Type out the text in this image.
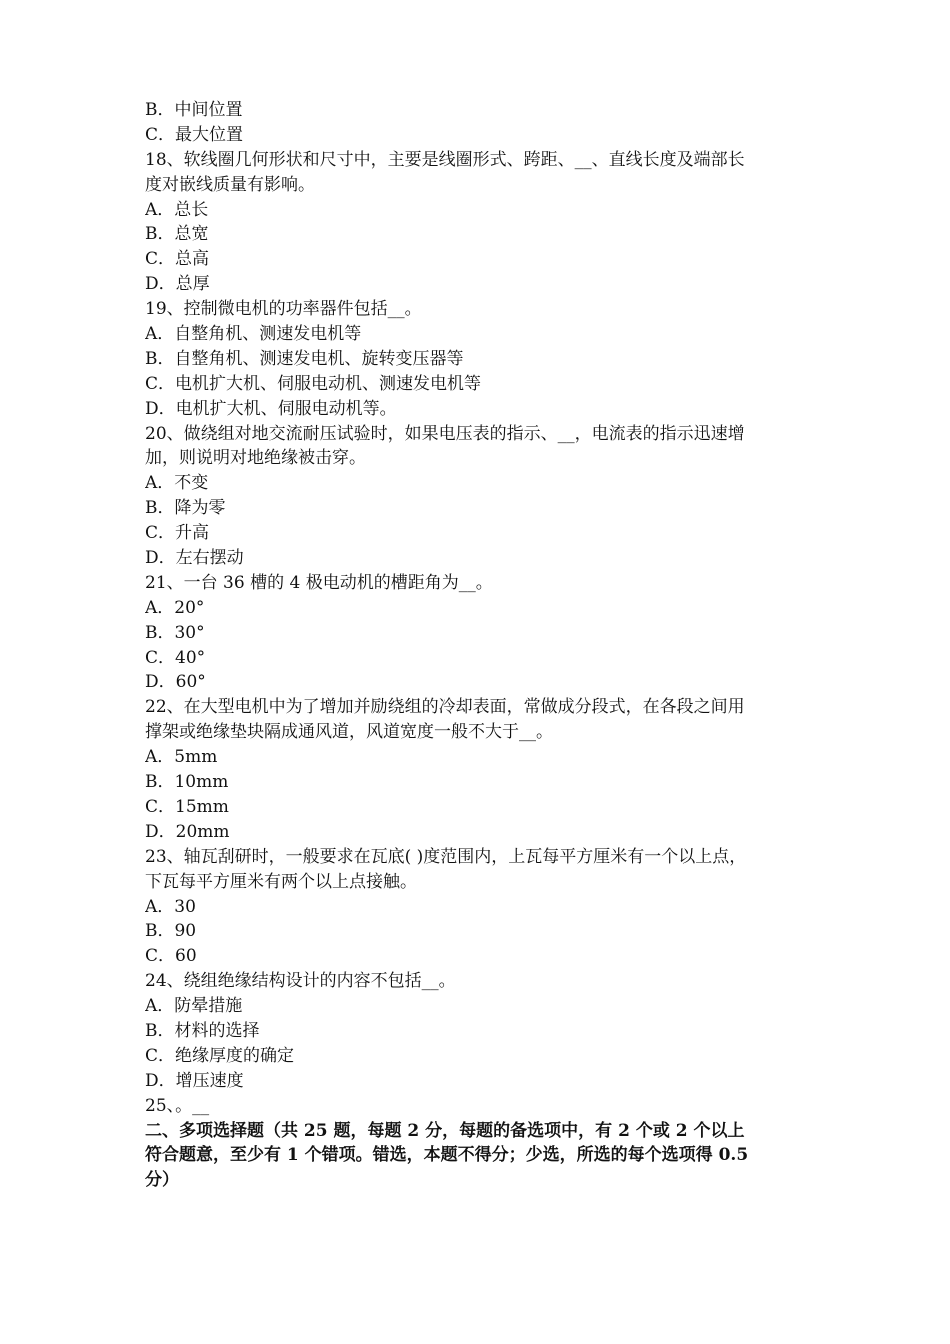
B．中间位置
C．最大位置
18、软线圈几何形状和尺寸中，主要是线圈形式、跨距、__、直线长度及端部长
度对嵌线质量有影响。
A．总长
B．总宽
C．总高
D．总厚
19、控制微电机的功率器件包括__。
A．自整角机、测速发电机等
B．自整角机、测速发电机、旋转变压器等
C．电机扩大机、伺服电动机、测速发电机等
D．电机扩大机、伺服电动机等。
20、做绕组对地交流耐压试验时，如果电压表的指示、__，电流表的指示迅速增
加，则说明对地绝缘被击穿。
A．不变
B．降为零
C．升高
D．左右摆动
21、一台 36 槽的 4 极电动机的槽距角为__。
A．20°
B．30°
C．40°
D．60°
22、在大型电机中为了增加并励绕组的冷却表面，常做成分段式，在各段之间用
撑架或绝缘垫块隔成通风道，风道宽度一般不大于__。
A．5mm
B．10mm
C．15mm
D．20mm
23、轴瓦刮研时，一般要求在瓦底( )度范围内，上瓦每平方厘米有一个以上点，
下瓦每平方厘米有两个以上点接触。
A．30
B．90
C．60
24、绕组绝缘结构设计的内容不包括__。
A．防晕措施
B．材料的选择
C．绝缘厚度的确定
D．增压速度
25、。__
二、多项选择题（共 25 题，每题 2 分，每题的备选项中，有 2 个或 2 个以上
符合题意，至少有 1 个错项。错选，本题不得分；少选，所选的每个选项得 0.5
分）
